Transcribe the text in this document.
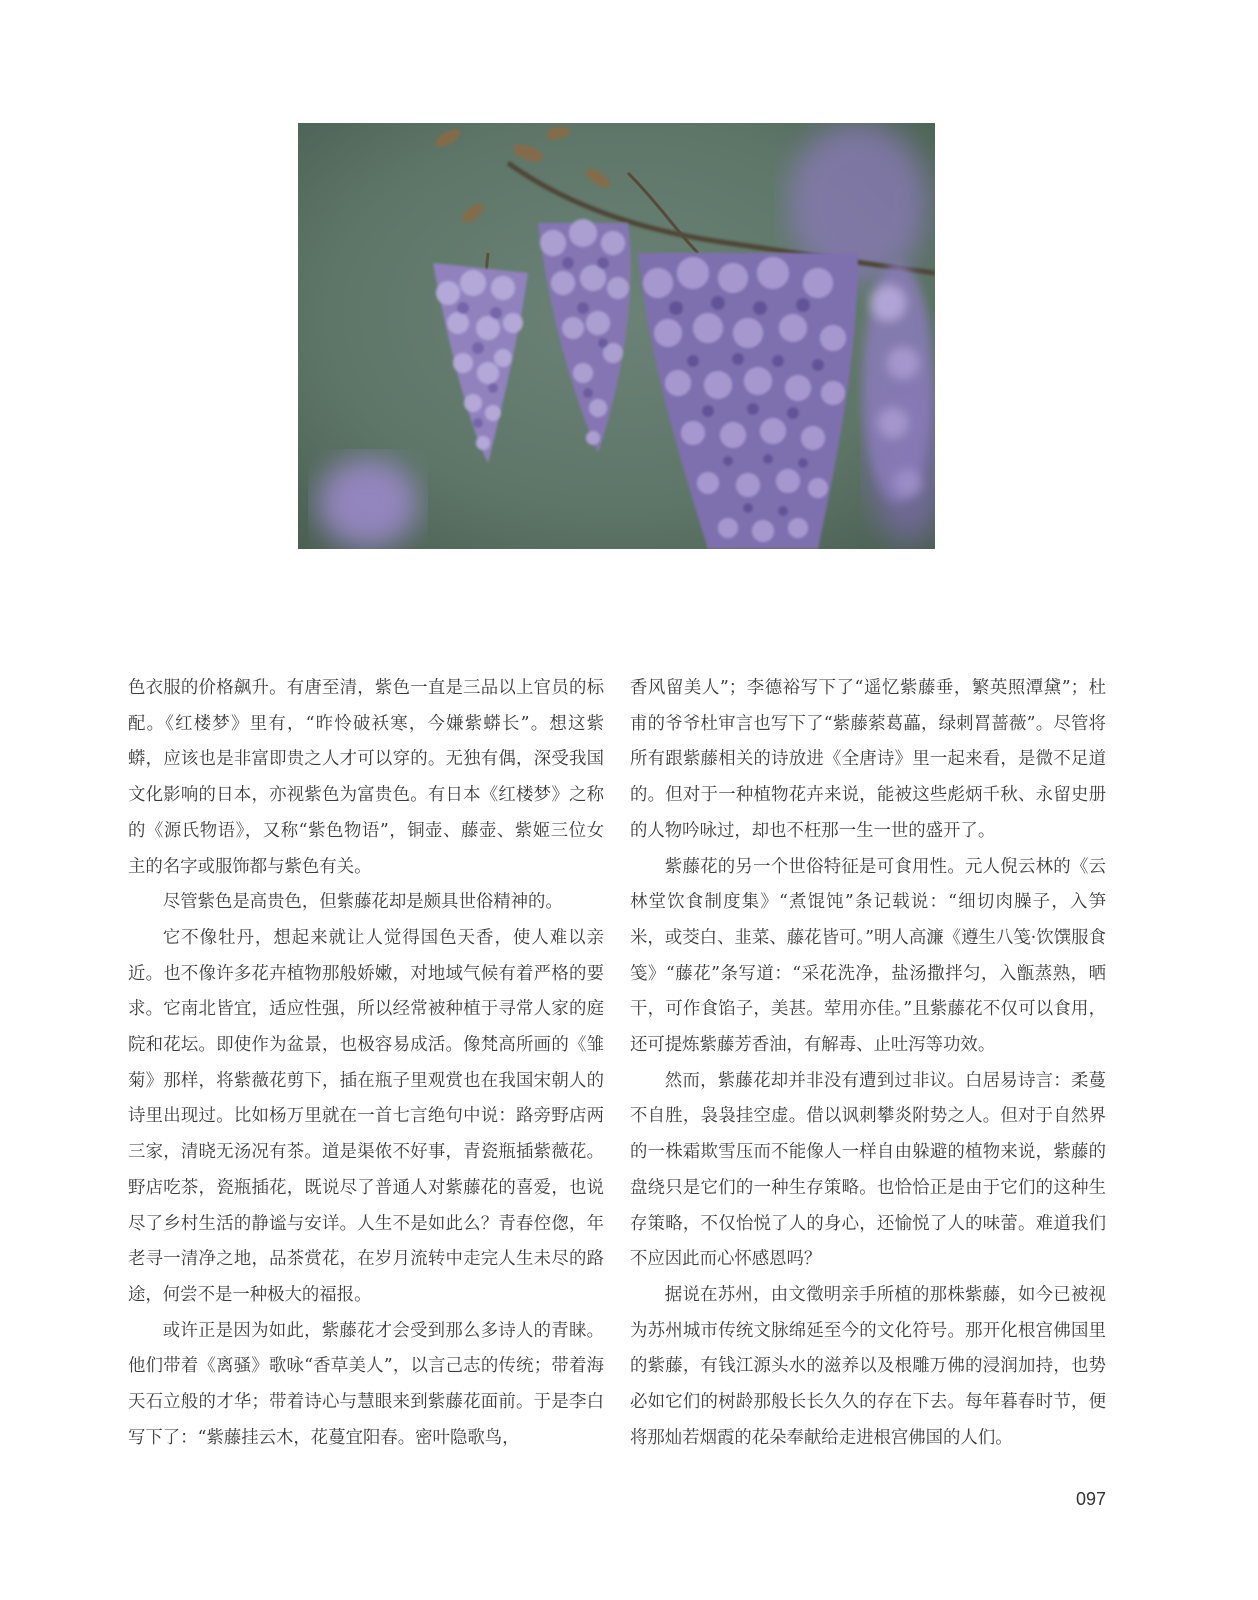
色衣服的价格飙升。有唐至清，紫色一直是三品以上官员的标配。《红楼梦》里有，“昨怜破袄寒，今嫌紫蟒长”。想这紫蟒，应该也是非富即贵之人才可以穿的。无独有偶，深受我国文化影响的日本，亦视紫色为富贵色。有日本《红楼梦》之称的《源氏物语》，又称“紫色物语”，铜壶、藤壶、紫姬三位女主的名字或服饰都与紫色有关。

尽管紫色是高贵色，但紫藤花却是颇具世俗精神的。

它不像牡丹，想起来就让人觉得国色天香，使人难以亲近。也不像许多花卉植物那般娇嫩，对地域气候有着严格的要求。它南北皆宜，适应性强，所以经常被种植于寻常人家的庭院和花坛。即使作为盆景，也极容易成活。像梵高所画的《雏菊》那样，将紫薇花剪下，插在瓶子里观赏也在我国宋朝人的诗里出现过。比如杨万里就在一首七言绝句中说：路旁野店两三家，清晓无汤况有茶。道是渠侬不好事，青瓷瓶插紫薇花。野店吃茶，瓷瓶插花，既说尽了普通人对紫藤花的喜爱，也说尽了乡村生活的静谧与安详。人生不是如此么？青春倥偬，年老寻一清净之地，品茶赏花，在岁月流转中走完人生未尽的路途，何尝不是一种极大的福报。

或许正是因为如此，紫藤花才会受到那么多诗人的青睐。他们带着《离骚》歌咏“香草美人”，以言己志的传统；带着海天石立般的才华；带着诗心与慧眼来到紫藤花面前。于是李白写下了：“紫藤挂云木，花蔓宜阳春。密叶隐歌鸟，

香风留美人”；李德裕写下了“遥忆紫藤垂，繁英照潭黛”；杜甫的爷爷杜审言也写下了“紫藤萦葛藟，绿刺罥蔷薇”。尽管将所有跟紫藤相关的诗放进《全唐诗》里一起来看，是微不足道的。但对于一种植物花卉来说，能被这些彪炳千秋、永留史册的人物吟咏过，却也不枉那一生一世的盛开了。

紫藤花的另一个世俗特征是可食用性。元人倪云林的《云林堂饮食制度集》“煮馄饨”条记载说：“细切肉臊子，入笋米，或茭白、韭菜、藤花皆可。”明人高濂《遵生八笺·饮馔服食笺》“藤花”条写道：“采花洗净，盐汤撒拌匀，入甑蒸熟，晒干，可作食馅子，美甚。荤用亦佳。”且紫藤花不仅可以食用，还可提炼紫藤芳香油，有解毒、止吐泻等功效。

然而，紫藤花却并非没有遭到过非议。白居易诗言：柔蔓不自胜，袅袅挂空虚。借以讽刺攀炎附势之人。但对于自然界的一株霜欺雪压而不能像人一样自由躲避的植物来说，紫藤的盘绕只是它们的一种生存策略。也恰恰正是由于它们的这种生存策略，不仅怡悦了人的身心，还愉悦了人的味蕾。难道我们不应因此而心怀感恩吗？

据说在苏州，由文徵明亲手所植的那株紫藤，如今已被视为苏州城市传统文脉绵延至今的文化符号。那开化根宫佛国里的紫藤，有钱江源头水的滋养以及根雕万佛的浸润加持，也势必如它们的树龄那般长长久久的存在下去。每年暮春时节，便将那灿若烟霞的花朵奉献给走进根宫佛国的人们。

097
